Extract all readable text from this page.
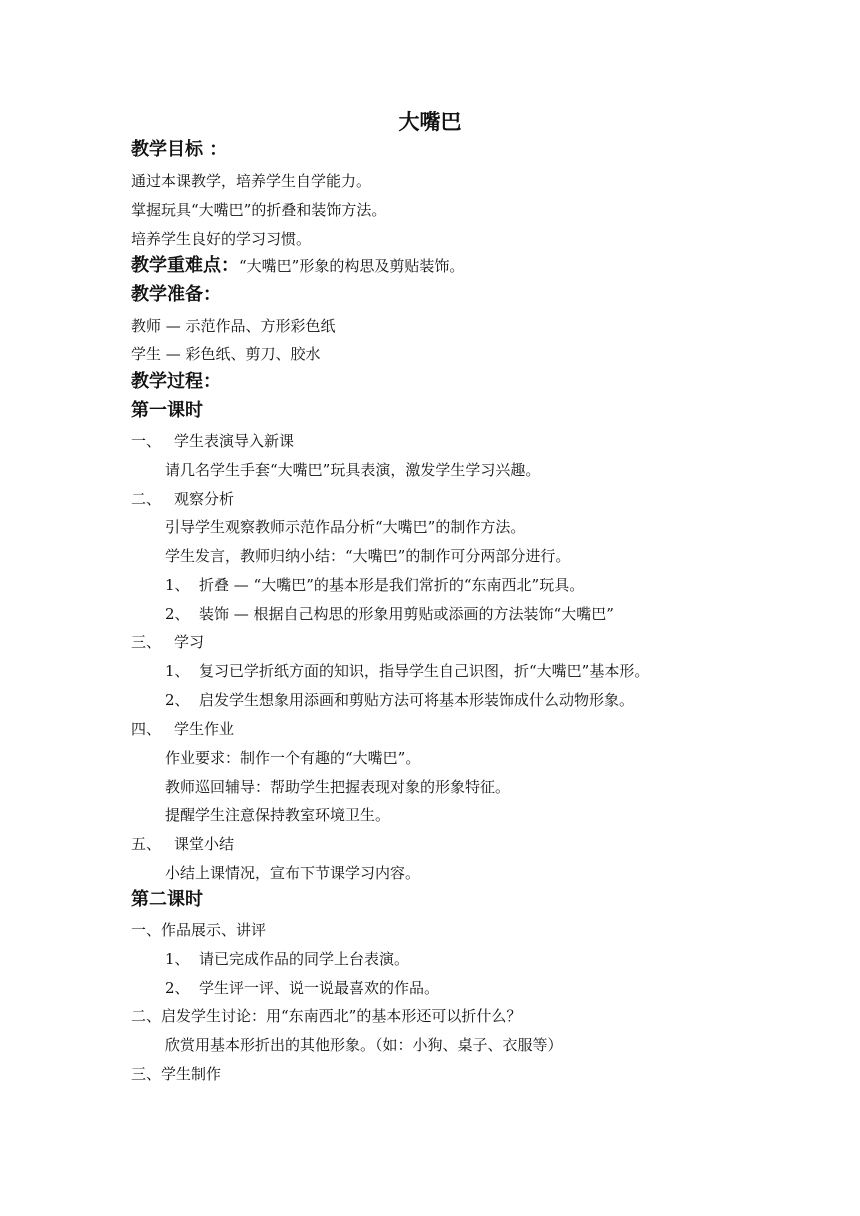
大嘴巴
教学目标 ：
通过本课教学，培养学生自学能力。
掌握玩具“大嘴巴”的折叠和装饰方法。
培养学生良好的学习习惯。
教学重难点：“大嘴巴”形象的构思及剪贴装饰。
教学准备：
教师 — 示范作品、方形彩色纸
学生 — 彩色纸、剪刀、胶水
教学过程：
第一课时
一、 学生表演导入新课
请几名学生手套“大嘴巴”玩具表演，激发学生学习兴趣。
二、 观察分析
引导学生观察教师示范作品分析“大嘴巴”的制作方法。
学生发言，教师归纳小结：“大嘴巴”的制作可分两部分进行。
1、 折叠 — “大嘴巴”的基本形是我们常折的“东南西北”玩具。
2、 装饰 — 根据自己构思的形象用剪贴或添画的方法装饰“大嘴巴”
三、 学习
1、 复习已学折纸方面的知识，指导学生自己识图，折“大嘴巴”基本形。
2、 启发学生想象用添画和剪贴方法可将基本形装饰成什么动物形象。
四、 学生作业
作业要求：制作一个有趣的“大嘴巴”。
教师巡回辅导：帮助学生把握表现对象的形象特征。
提醒学生注意保持教室环境卫生。
五、 课堂小结
小结上课情况，宣布下节课学习内容。
第二课时
一、作品展示、讲评
1、 请已完成作品的同学上台表演。
2、 学生评一评、说一说最喜欢的作品。
二、启发学生讨论：用“东南西北”的基本形还可以折什么？
欣赏用基本形折出的其他形象。（如：小狗、桌子、衣服等）
三、学生制作
